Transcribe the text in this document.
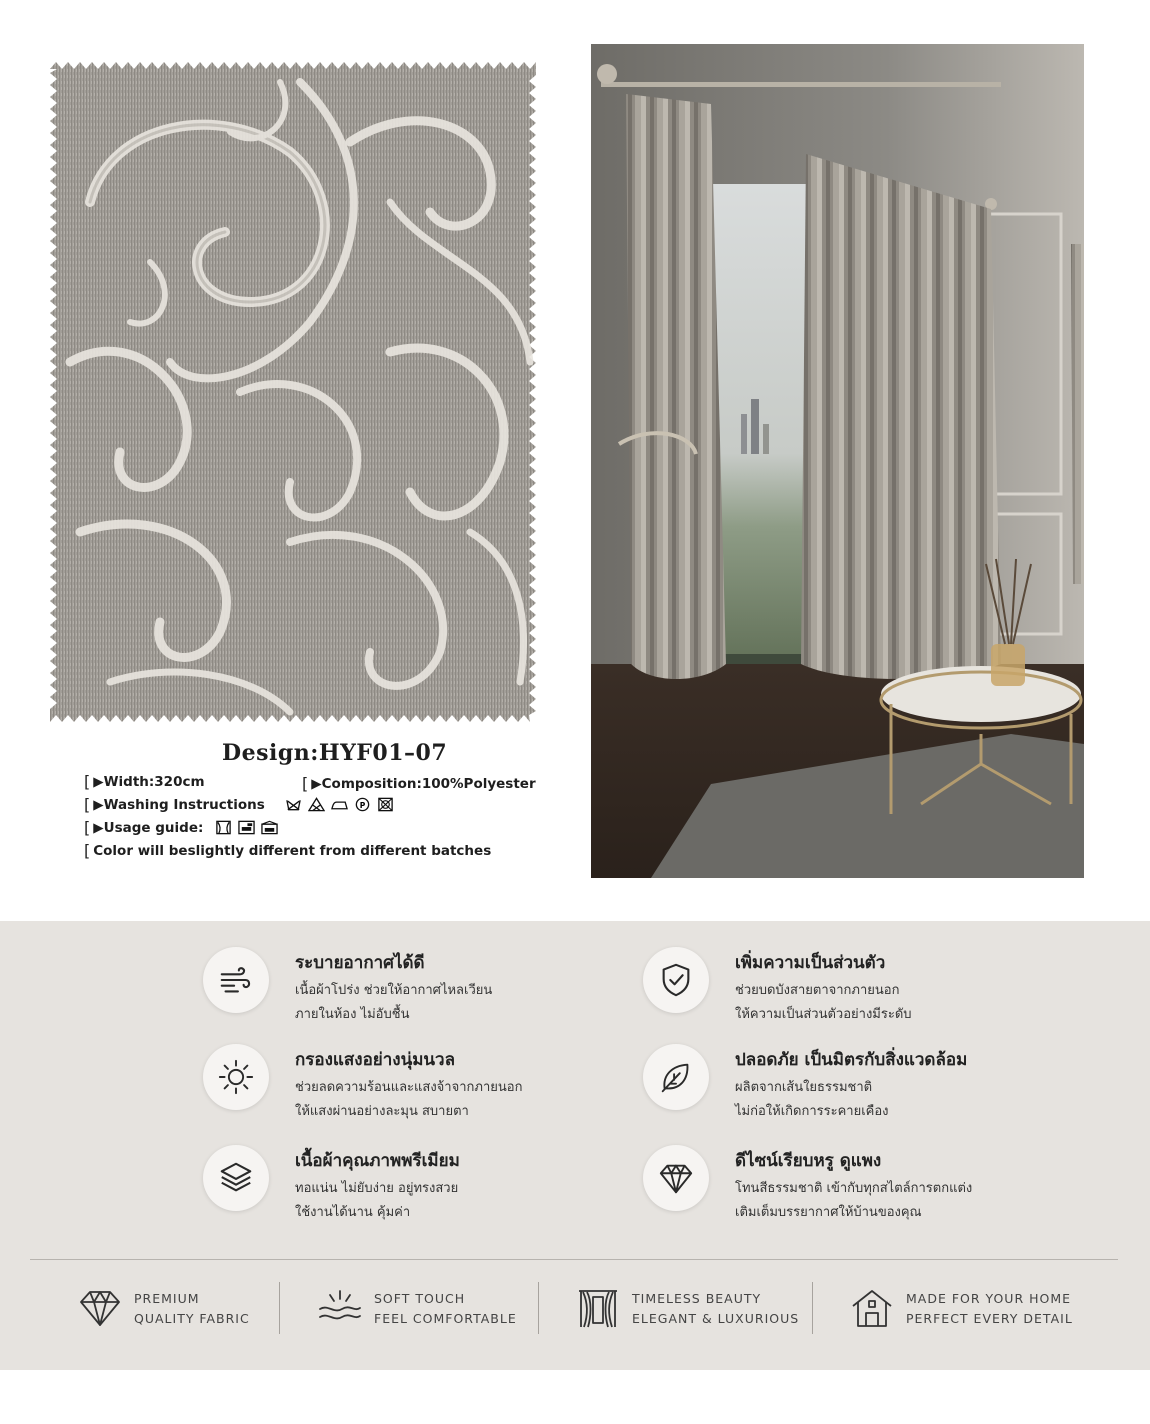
Design:HYF01–07
[ ▶Width:320cm	[ ▶Composition:100%Polyester
[ ▶Washing Instructions	P
[ ▶Usage guide:
[ Color will beslightly different from different batches
ระบายอากาศได้ดี
เนื้อผ้าโปร่ง ช่วยให้อากาศไหลเวียน
ภายในห้อง ไม่อับชื้น
เพิ่มความเป็นส่วนตัว
ช่วยบดบังสายตาจากภายนอก
ให้ความเป็นส่วนตัวอย่างมีระดับ
กรองแสงอย่างนุ่มนวล
ช่วยลดความร้อนและแสงจ้าจากภายนอก
ให้แสงผ่านอย่างละมุน สบายตา
ปลอดภัย เป็นมิตรกับสิ่งแวดล้อม
ผลิตจากเส้นใยธรรมชาติ
ไม่ก่อให้เกิดการระคายเคือง
เนื้อผ้าคุณภาพพรีเมียม
ทอแน่น ไม่ยับง่าย อยู่ทรงสวย
ใช้งานได้นาน คุ้มค่า
ดีไซน์เรียบหรู ดูแพง
โทนสีธรรมชาติ เข้ากับทุกสไตล์การตกแต่ง
เติมเต็มบรรยากาศให้บ้านของคุณ
PREMIUM
QUALITY FABRIC
SOFT TOUCH
FEEL COMFORTABLE
TIMELESS BEAUTY
ELEGANT & LUXURIOUS
MADE FOR YOUR HOME
PERFECT EVERY DETAIL
